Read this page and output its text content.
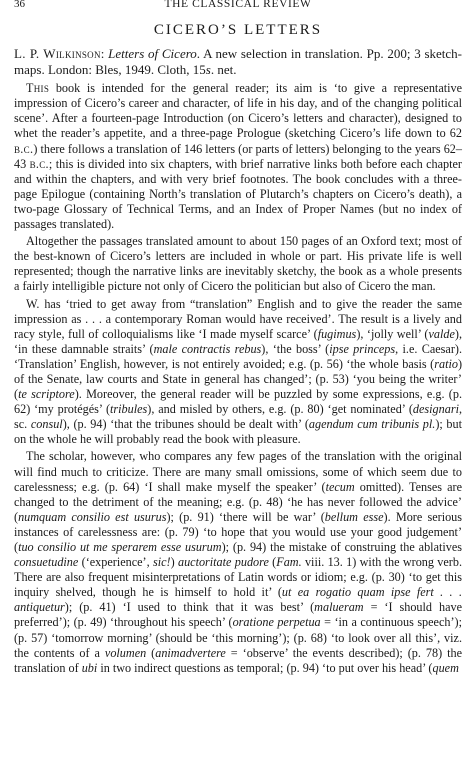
36	THE CLASSICAL REVIEW
CICERO’S LETTERS

L. P. Wilkinson: Letters of Cicero. A new selection in translation. Pp. 200; 3 sketch-maps. London: Bles, 1949. Cloth, 15s. net.

This book is intended for the general reader; its aim is ‘to give a representative impression of Cicero’s career and character, of life in his day, and of the changing political scene’. After a fourteen-page Introduction (on Cicero’s letters and character), designed to whet the reader’s appetite, and a three-page Prologue (sketching Cicero’s life down to 62 b.c.) there follows a translation of 146 letters (or parts of letters) belonging to the years 62–43 b.c.; this is divided into six chapters, with brief narrative links both before each chapter and within the chapters, and with very brief footnotes. The book concludes with a three-page Epilogue (containing North’s translation of Plutarch’s chapters on Cicero’s death), a two-page Glossary of Technical Terms, and an Index of Proper Names (but no index of passages translated).

Altogether the passages translated amount to about 150 pages of an Oxford text; most of the best-known of Cicero’s letters are included in whole or part. His private life is well represented; though the narrative links are inevitably sketchy, the book as a whole presents a fairly intelligible picture not only of Cicero the politician but also of Cicero the man.

W. has ‘tried to get away from “translation” English and to give the reader the same impression as . . . a contemporary Roman would have received’. The result is a lively and racy style, full of colloquialisms like ‘I made myself scarce’ (fugimus), ‘jolly well’ (valde), ‘in these damnable straits’ (male contractis rebus), ‘the boss’ (ipse princeps, i.e. Caesar). ‘Translation’ English, however, is not entirely avoided; e.g. (p. 56) ‘the whole basis (ratio) of the Senate, law courts and State in general has changed’; (p. 53) ‘you being the writer’ (te scriptore). Moreover, the general reader will be puzzled by some expressions, e.g. (p. 62) ‘my protégés’ (tribules), and misled by others, e.g. (p. 80) ‘get nominated’ (designari, sc. consul), (p. 94) ‘that the tribunes should be dealt with’ (agendum cum tribunis pl.); but on the whole he will probably read the book with pleasure.

The scholar, however, who compares any few pages of the translation with the original will find much to criticize. There are many small omissions, some of which seem due to carelessness; e.g. (p. 64) ‘I shall make myself the speaker’ (tecum omitted). Tenses are changed to the detriment of the meaning; e.g. (p. 48) ‘he has never followed the advice’ (numquam consilio est usurus); (p. 91) ‘there will be war’ (bellum esse). More serious instances of carelessness are: (p. 79) ‘to hope that you would use your good judgement’ (tuo consilio ut me sperarem esse usurum); (p. 94) the mistake of construing the ablatives consuetudine (‘experience’, sic!) auctoritate pudore (Fam. viii. 13. 1) with the wrong verb. There are also frequent misinterpretations of Latin words or idiom; e.g. (p. 30) ‘to get this inquiry shelved, though he is himself to hold it’ (ut ea rogatio quam ipse fert . . . antiquetur); (p. 41) ‘I used to think that it was best’ (malueram = ‘I should have preferred’); (p. 49) ‘throughout his speech’ (oratione perpetua = ‘in a continuous speech’); (p. 57) ‘tomorrow morning’ (should be ‘this morning’); (p. 68) ‘to look over all this’, viz. the contents of a volumen (animadvertere = ‘observe’ the events described); (p. 78) the translation of ubi in two indirect questions as temporal; (p. 94) ‘to put over his head’ (quem
